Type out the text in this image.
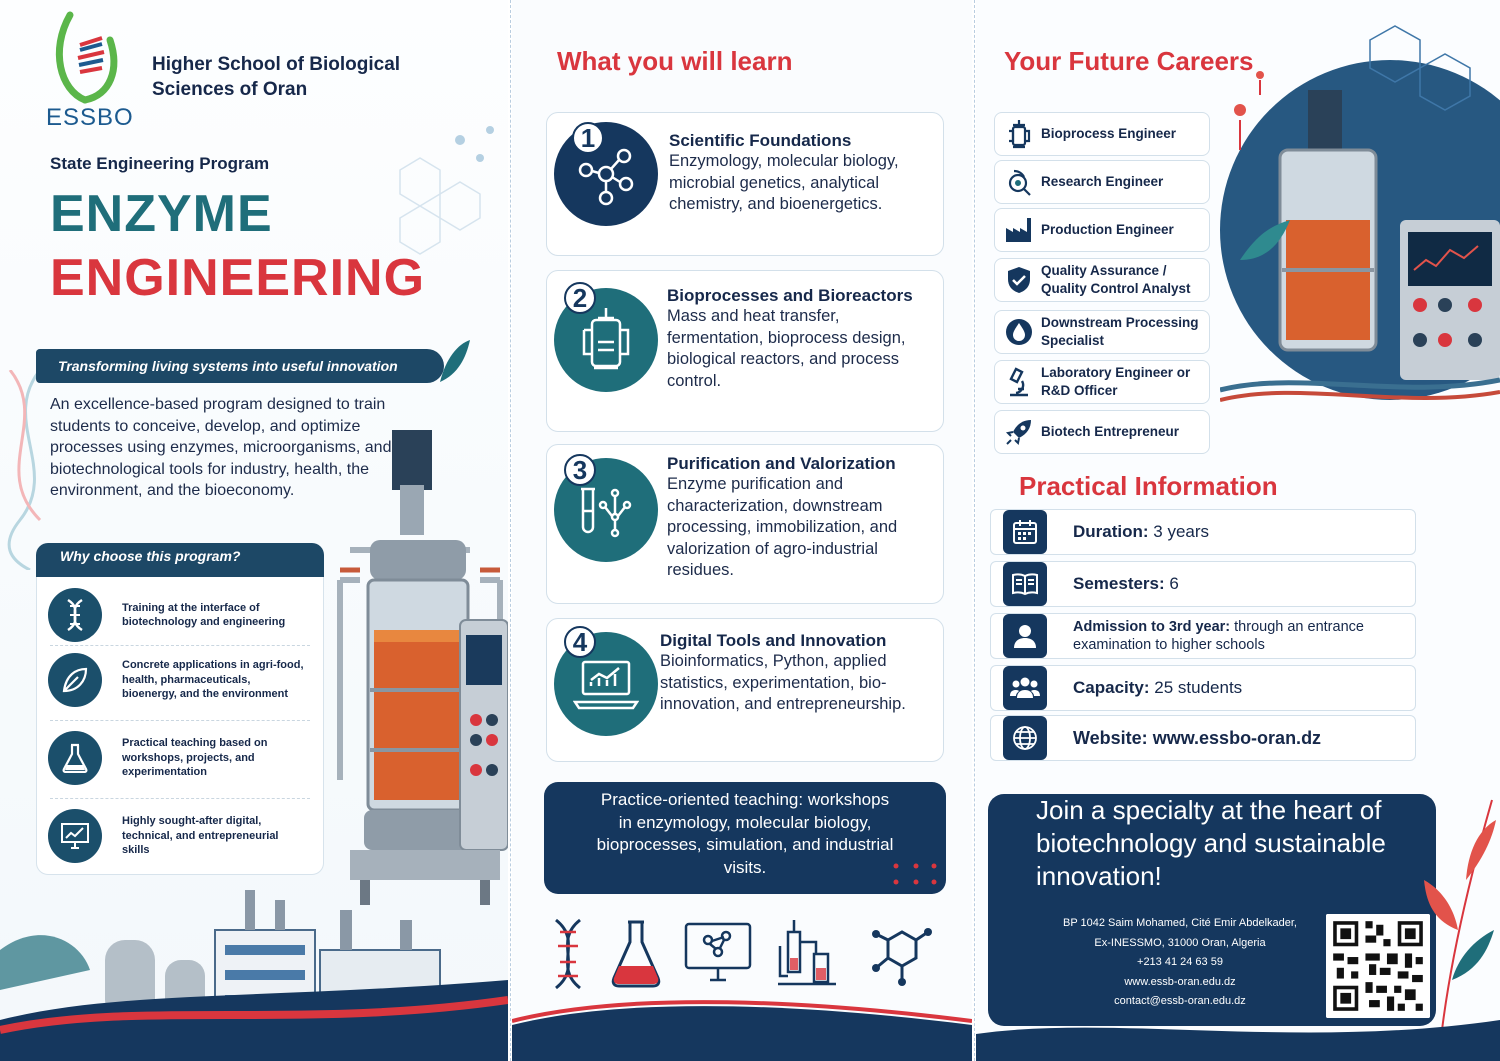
ESSBO
Higher School of Biological
Sciences of Oran
State Engineering Program
ENZYME
ENGINEERING
Transforming living systems into useful innovation
An excellence-based program designed to train students to conceive, develop, and optimize processes using enzymes, microorganisms, and biotechnological tools for industry, health, the environment, and the bioeconomy.
Why choose this program?
Training at the interface of biotechnology and engineering
Concrete applications in agri-food, health, pharmaceuticals, bioenergy, and the environment
Practical teaching based on workshops, projects, and experimentation
Highly sought-after digital, technical, and entrepreneurial skills
What you will learn
1	Scientific Foundations
Enzymology, molecular biology, microbial genetics, analytical chemistry, and bioenergetics.
2	Bioprocesses and Bioreactors
Mass and heat transfer, fermentation, bioprocess design, biological reactors, and process control.
3	Purification and Valorization
Enzyme purification and characterization, downstream processing, immobilization, and valorization of agro-industrial residues.
4	Digital Tools and Innovation
Bioinformatics, Python, applied statistics, experimentation, bio-innovation, and entrepreneurship.
Practice-oriented teaching: workshops in enzymology, molecular biology, bioprocesses, simulation, and industrial visits.
Your Future Careers
Bioprocess Engineer
Research Engineer
Production Engineer
Quality Assurance / Quality Control Analyst
Downstream Processing Specialist
Laboratory Engineer or R&D Officer
Biotech Entrepreneur
Practical Information
Duration: 3 years
Semesters: 6
Admission to 3rd year: through an entrance examination to higher schools
Capacity: 25 students
Website: www.essbo-oran.dz
Join a specialty at the heart of biotechnology and sustainable innovation!
BP 1042 Saim Mohamed, Cité Emir Abdelkader,
Ex-INESSMO, 31000 Oran, Algeria
+213 41 24 63 59
www.essb-oran.edu.dz
contact@essb-oran.edu.dz
